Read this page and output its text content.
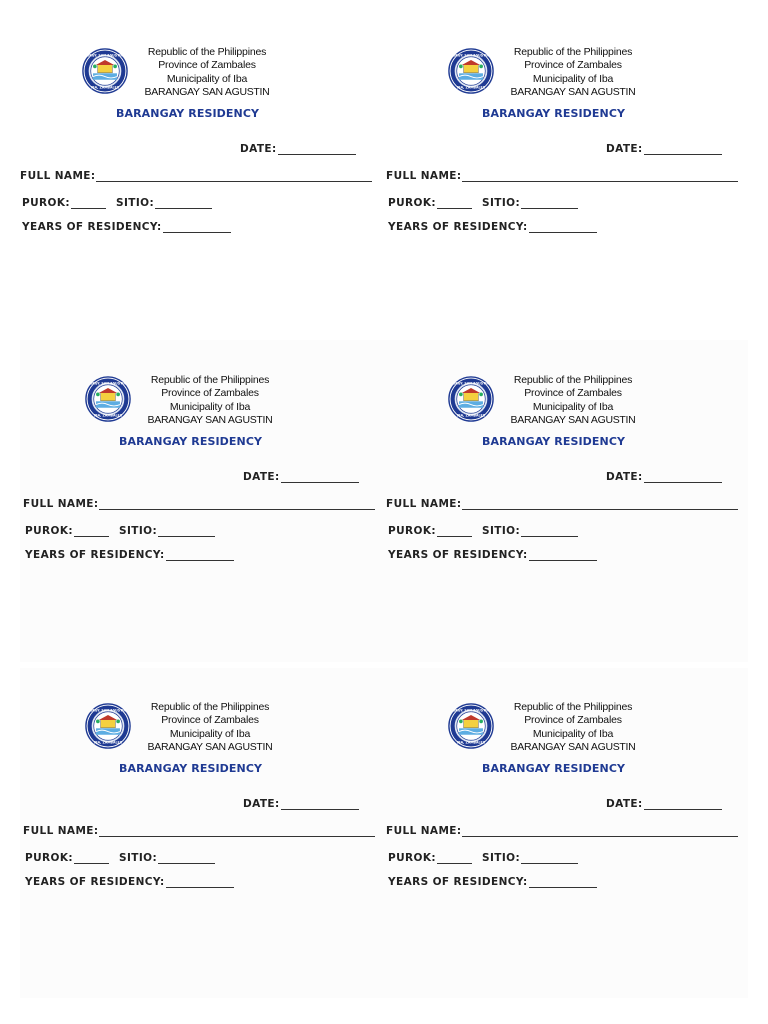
BRGY. SAN AGUSTIN
IBA, ZAMBALES
Republic of the Philippines
Province of Zambales
Municipality of Iba
BARANGAY SAN AGUSTIN
BARANGAY RESIDENCY
DATE:
FULL NAME:
PUROK:	SITIO:
YEARS OF RESIDENCY:
BRGY. SAN AGUSTIN
IBA, ZAMBALES
Republic of the Philippines
Province of Zambales
Municipality of Iba
BARANGAY SAN AGUSTIN
BARANGAY RESIDENCY
DATE:
FULL NAME:
PUROK:	SITIO:
YEARS OF RESIDENCY:
BRGY. SAN AGUSTIN
IBA, ZAMBALES
Republic of the Philippines
Province of Zambales
Municipality of Iba
BARANGAY SAN AGUSTIN
BARANGAY RESIDENCY
DATE:
FULL NAME:
PUROK:	SITIO:
YEARS OF RESIDENCY:
BRGY. SAN AGUSTIN
IBA, ZAMBALES
Republic of the Philippines
Province of Zambales
Municipality of Iba
BARANGAY SAN AGUSTIN
BARANGAY RESIDENCY
DATE:
FULL NAME:
PUROK:	SITIO:
YEARS OF RESIDENCY:
BRGY. SAN AGUSTIN
IBA, ZAMBALES
Republic of the Philippines
Province of Zambales
Municipality of Iba
BARANGAY SAN AGUSTIN
BARANGAY RESIDENCY
DATE:
FULL NAME:
PUROK:	SITIO:
YEARS OF RESIDENCY:
BRGY. SAN AGUSTIN
IBA, ZAMBALES
Republic of the Philippines
Province of Zambales
Municipality of Iba
BARANGAY SAN AGUSTIN
BARANGAY RESIDENCY
DATE:
FULL NAME:
PUROK:	SITIO:
YEARS OF RESIDENCY:
